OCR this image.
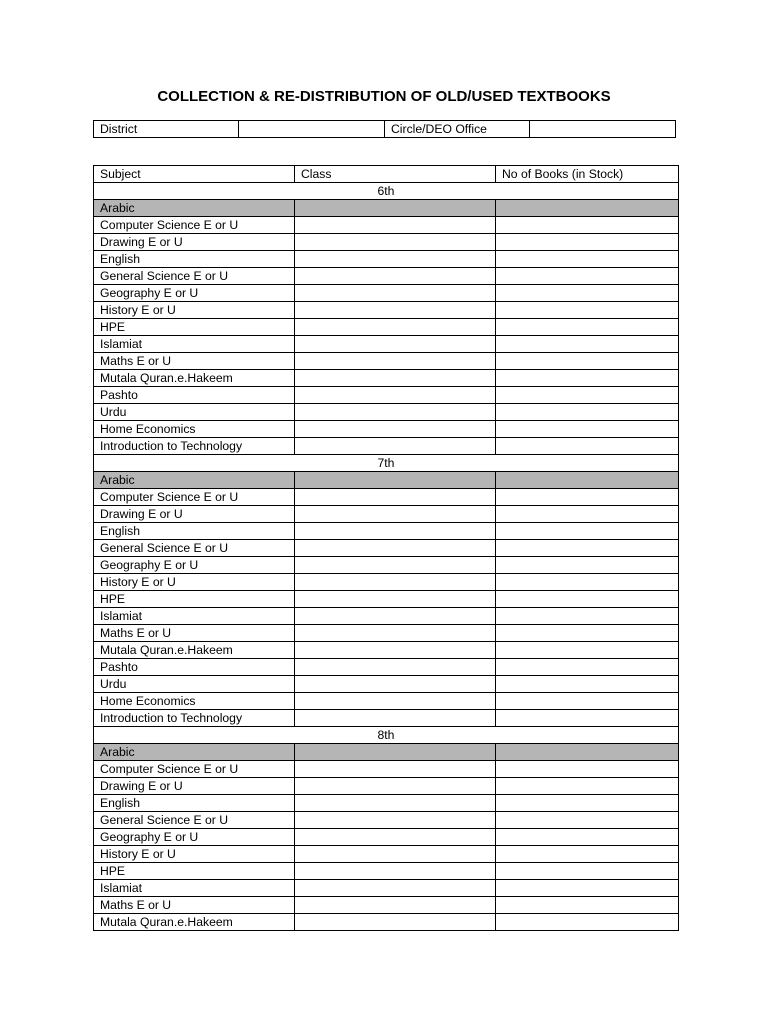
COLLECTION & RE-DISTRIBUTION OF OLD/USED TEXTBOOKS
District		Circle/DEO Office	
Subject	Class	No of Books (in Stock)
6th		
Arabic		
Computer Science E or U		
Drawing E or U		
English		
General Science E or U		
Geography E or U		
History E or U		
HPE		
Islamiat		
Maths E or U		
Mutala Quran.e.Hakeem		
Pashto		
Urdu		
Home Economics		
Introduction to Technology		
7th		
Arabic		
Computer Science E or U		
Drawing E or U		
English		
General Science E or U		
Geography E or U		
History E or U		
HPE		
Islamiat		
Maths E or U		
Mutala Quran.e.Hakeem		
Pashto		
Urdu		
Home Economics		
Introduction to Technology		
8th		
Arabic		
Computer Science E or U		
Drawing E or U		
English		
General Science E or U		
Geography E or U		
History E or U		
HPE		
Islamiat		
Maths E or U		
Mutala Quran.e.Hakeem		
